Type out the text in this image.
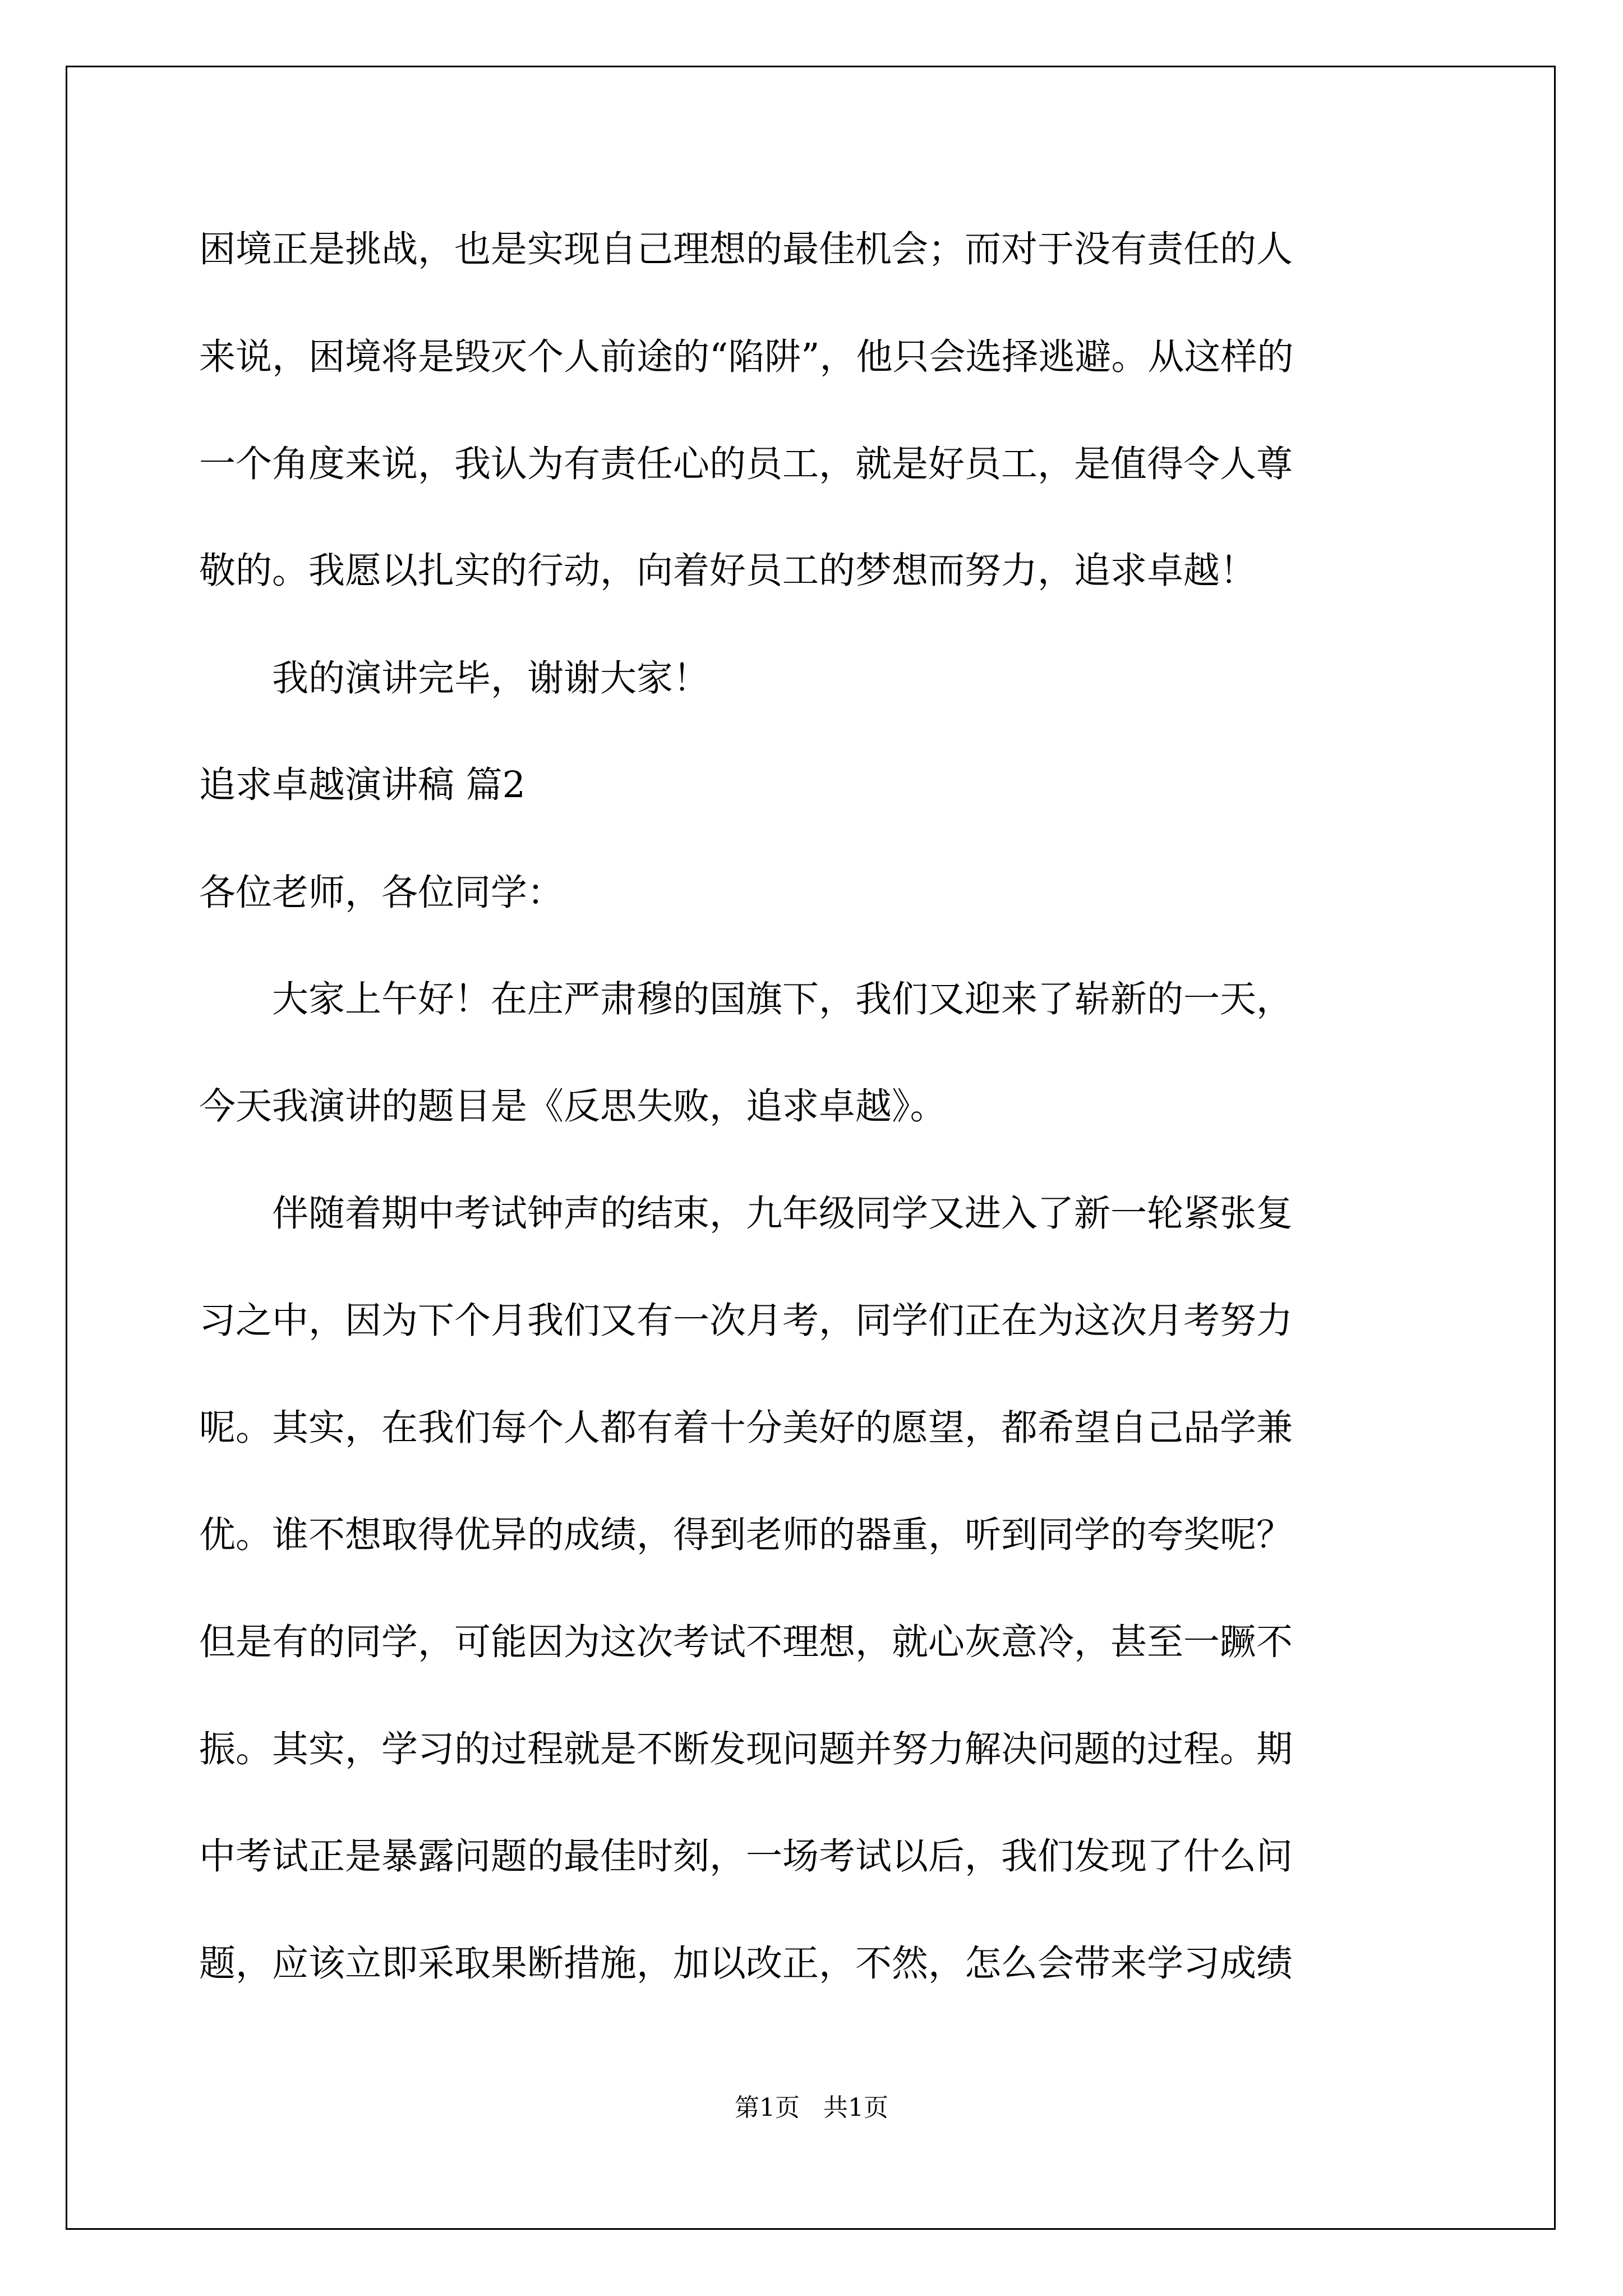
困境正是挑战，也是实现自己理想的最佳机会；而对于没有责任的人
来说，困境将是毁灭个人前途的“陷阱”，他只会选择逃避。从这样的
一个角度来说，我认为有责任心的员工，就是好员工，是值得令人尊
敬的。我愿以扎实的行动，向着好员工的梦想而努力，追求卓越！
我的演讲完毕，谢谢大家！
追求卓越演讲稿 篇2
各位老师，各位同学：
大家上午好！在庄严肃穆的国旗下，我们又迎来了崭新的一天，
今天我演讲的题目是《反思失败，追求卓越》。
伴随着期中考试钟声的结束，九年级同学又进入了新一轮紧张复
习之中，因为下个月我们又有一次月考，同学们正在为这次月考努力
呢。其实，在我们每个人都有着十分美好的愿望，都希望自己品学兼
优。谁不想取得优异的成绩，得到老师的器重，听到同学的夸奖呢？
但是有的同学，可能因为这次考试不理想，就心灰意冷，甚至一蹶不
振。其实，学习的过程就是不断发现问题并努力解决问题的过程。期
中考试正是暴露问题的最佳时刻，一场考试以后，我们发现了什么问
题，应该立即采取果断措施，加以改正，不然，怎么会带来学习成绩
第1页   共1页
